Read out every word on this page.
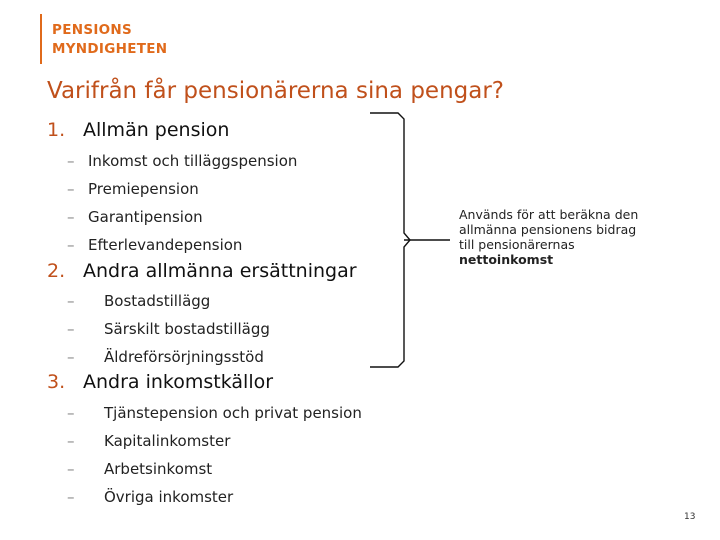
PENSIONS
MYNDIGHETEN
Varifrån får pensionärerna sina pengar?
1. Allmän pension
– Inkomst och tilläggspension
– Premiepension
– Garantipension
– Efterlevandepension
2. Andra allmänna ersättningar
– Bostadstillägg
– Särskilt bostadstillägg
– Äldreförsörjningsstöd
3. Andra inkomstkällor
– Tjänstepension och privat pension
– Kapitalinkomster
– Arbetsinkomst
– Övriga inkomster
Används för att beräkna den
allmänna pensionens bidrag
till pensionärernas
nettoinkomst
13
